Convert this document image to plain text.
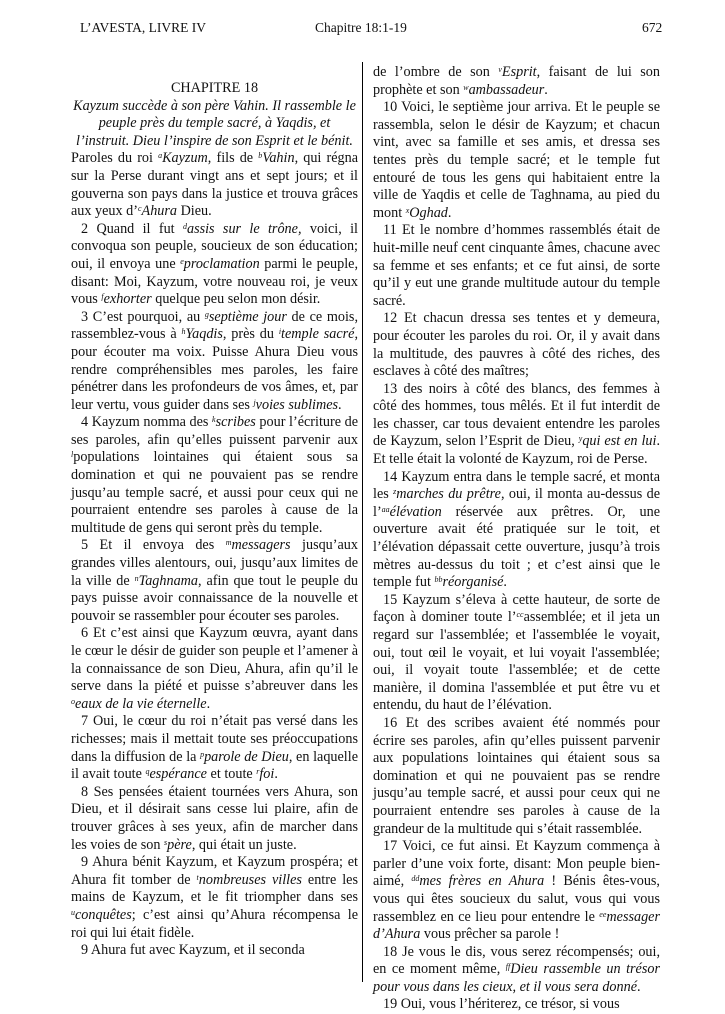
L’AVESTA, LIVRE IV	Chapitre 18:1-19	672

CHAPITRE 18

Kayzum succède à son père Vahin. Il rassemble le peuple près du temple sacré, à Yaqdis, et l’instruit. Dieu l’inspire de son Esprit et le bénit.

Paroles du roi $^a$Kayzum, fils de $^b$Vahin, qui régna sur la Perse durant vingt ans et sept jours; et il gouverna son pays dans la justice et trouva grâces aux yeux d’$^c$Ahura Dieu.

2 Quand il fut $^d$assis sur le trône, voici, il convoqua son peuple, soucieux de son éducation; oui, il envoya une $^e$proclamation parmi le peuple, disant: Moi, Kayzum, votre nouveau roi, je veux vous $^f$exhorter quelque peu selon mon désir.

3 C’est pourquoi, au $^g$septième jour de ce mois, rassemblez-vous à $^h$Yaqdis, près du $^i$temple sacré, pour écouter ma voix. Puisse Ahura Dieu vous rendre compréhensibles mes paroles, les faire pénétrer dans les profondeurs de vos âmes, et, par leur vertu, vous guider dans ses $^j$voies sublimes.

4 Kayzum nomma des $^k$scribes pour l’écriture de ses paroles, afin qu’elles puissent parvenir aux $^l$populations lointaines qui étaient sous sa domination et qui ne pouvaient pas se rendre jusqu’au temple sacré, et aussi pour ceux qui ne pourraient entendre ses paroles à cause de la multitude de gens qui seront près du temple.

5 Et il envoya des $^m$messagers jusqu’aux grandes villes alentours, oui, jusqu’aux limites de la ville de $^n$Taghnama, afin que tout le peuple du pays puisse avoir connaissance de la nouvelle et pouvoir se rassembler pour écouter ses paroles.

6 Et c’est ainsi que Kayzum œuvra, ayant dans le cœur le désir de guider son peuple et l’amener à la connaissance de son Dieu, Ahura, afin qu’il le serve dans la piété et puisse s’abreuver dans les $^o$eaux de la vie éternelle.

7 Oui, le cœur du roi n’était pas versé dans les richesses; mais il mettait toute ses préoccupations dans la diffusion de la $^p$parole de Dieu, en laquelle il avait toute $^q$espérance et toute $^r$foi.

8 Ses pensées étaient tournées vers Ahura, son Dieu, et il désirait sans cesse lui plaire, afin de trouver grâces à ses yeux, afin de marcher dans les voies de son $^s$père, qui était un juste.

9 Ahura bénit Kayzum, et Kayzum prospéra; et Ahura fit tomber de $^t$nombreuses villes entre les mains de Kayzum, et le fit triompher dans ses $^u$conquêtes; c’est ainsi qu’Ahura récompensa le roi qui lui était fidèle.

9 Ahura fut avec Kayzum, et il seconda

de l’ombre de son $^v$Esprit, faisant de lui son prophète et son $^w$ambassadeur.

10 Voici, le septième jour arriva. Et le peuple se rassembla, selon le désir de Kayzum; et chacun vint, avec sa famille et ses amis, et dressa ses tentes près du temple sacré; et le temple fut entouré de tous les gens qui habitaient entre la ville de Yaqdis et celle de Taghnama, au pied du mont $^x$Oghad.

11 Et le nombre d’hommes rassemblés était de huit-mille neuf cent cinquante âmes, chacune avec sa femme et ses enfants; et ce fut ainsi, de sorte qu’il y eut une grande multitude autour du temple sacré.

12 Et chacun dressa ses tentes et y demeura, pour écouter les paroles du roi. Or, il y avait dans la multitude, des pauvres à côté des riches, des esclaves à côté des maîtres;

13 des noirs à côté des blancs, des femmes à côté des hommes, tous mêlés. Et il fut interdit de les chasser, car tous devaient entendre les paroles de Kayzum, selon l’Esprit de Dieu, $^y$qui est en lui. Et telle était la volonté de Kayzum, roi de Perse.

14 Kayzum entra dans le temple sacré, et monta les $^z$marches du prêtre, oui, il monta au-dessus de l’$^{aa}$élévation réservée aux prêtres. Or, une ouverture avait été pratiquée sur le toit, et l’élévation dépassait cette ouverture, jusqu’à trois mètres au-dessus du toit ; et c’est ainsi que le temple fut $^{bb}$réorganisé.

15 Kayzum s’éleva à cette hauteur, de sorte de façon à dominer toute l’$^{cc}$assemblée; et il jeta un regard sur l'assemblée; et l'assemblée le voyait, oui, tout œil le voyait, et lui voyait l'assemblée; oui, il voyait toute l'assemblée; et de cette manière, il domina l'assemblée et put être vu et entendu, du haut de l’élévation.

16 Et des scribes avaient été nommés pour écrire ses paroles, afin qu’elles puissent parvenir aux populations lointaines qui étaient sous sa domination et qui ne pouvaient pas se rendre jusqu’au temple sacré, et aussi pour ceux qui ne pourraient entendre ses paroles à cause de la grandeur de la multitude qui s’était rassemblée.

17 Voici, ce fut ainsi. Et Kayzum commença à parler d’une voix forte, disant: Mon peuple bien-aimé, $^{dd}$mes frères en Ahura ! Bénis êtes-vous, vous qui êtes soucieux du salut, vous qui vous rassemblez en ce lieu pour entendre le $^{ee}$messager d’Ahura vous prêcher sa parole !

18 Je vous le dis, vous serez récompensés; oui, en ce moment même, $^{ff}$Dieu rassemble un trésor pour vous dans les cieux, et il vous sera donné.

19 Oui, vous l’hériterez, ce trésor, si vous
